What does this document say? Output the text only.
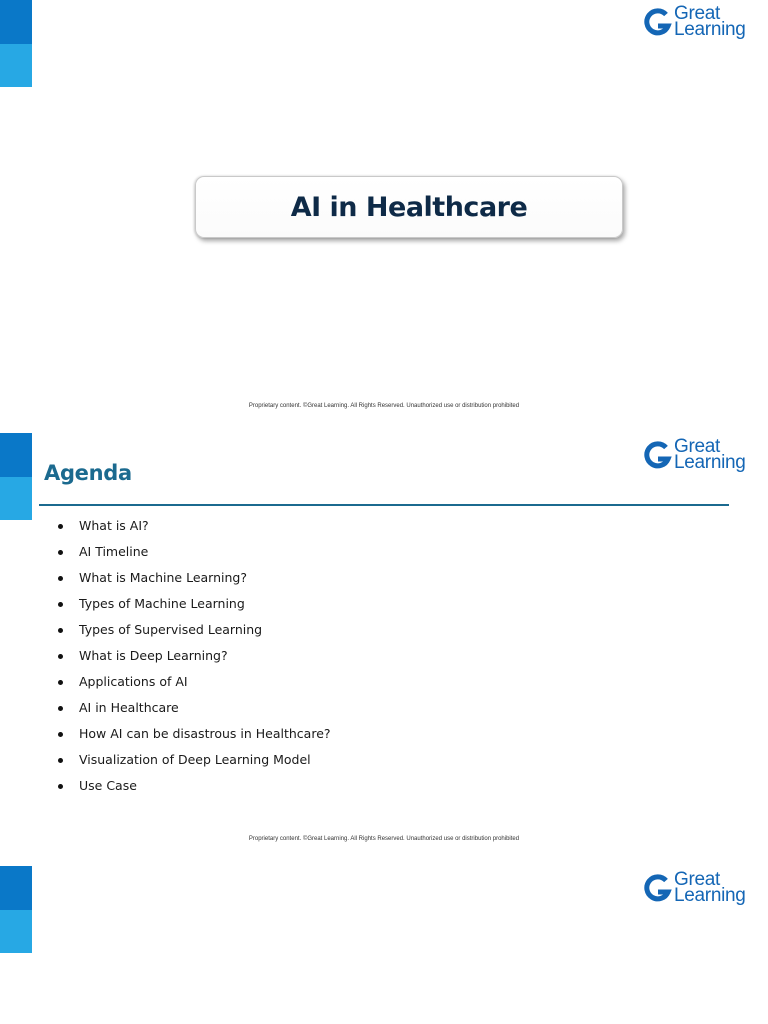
Great
Learning
AI in Healthcare
Proprietary content. ©Great Learning. All Rights Reserved. Unauthorized use or distribution prohibited
Great
Learning
Agenda
What is AI?
AI Timeline
What is Machine Learning?
Types of Machine Learning
Types of Supervised Learning
What is Deep Learning?
Applications of AI
AI in Healthcare
How AI can be disastrous in Healthcare?
Visualization of Deep Learning Model
Use Case
Proprietary content. ©Great Learning. All Rights Reserved. Unauthorized use or distribution prohibited
Great
Learning
